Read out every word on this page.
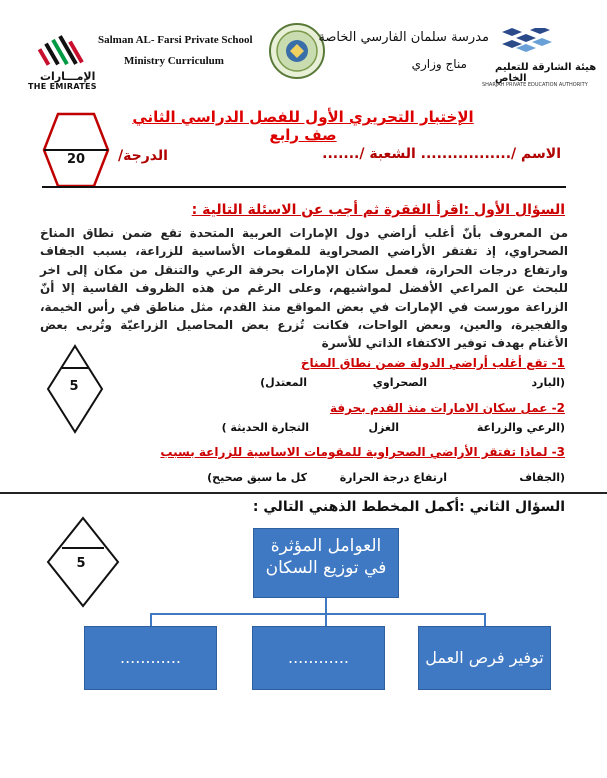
الإمـــارات
THE EMIRATES
Salman AL- Farsi Private School
Ministry Curriculum
مدرسة سلمان الفارسي الخاصة
مناج وزاري	هيئة الشارقة للتعليم الخاص
SHARJAH PRIVATE EDUCATION AUTHORITY
الإختبار التحريري الأول للفصل الدراسي الثاني صف رابع
20	الاسم /................. الشعبة /.......
الدرجة/
السؤال الأول :اقرأ الفقرة ثم أجب عن الاسئلة التالية :
من المعروف بأنّ أغلب أراضي دول الإمارات العربية المتحدة تقع ضمن نطاق المناخ الصحراوي، إذ تفتقر الأراضي الصحراوية للمقومات الأساسية للزراعة، بسبب الجفاف وارتفاع درجات الحرارة، فعمل سكان الإمارات بحرفة الرعي والتنقل من مكان إلى اخر للبحث عن المراعي الأفضل لمواشيهم، وعلى الرغم من هذه الظروف القاسية إلا أنّ الزراعة مورست في الإمارات في بعض المواقع منذ القدم، مثل مناطق في رأس الخيمة، والفجيرة، والعين، وبعض الواحات، فكانت تُزرع بعض المحاصيل الزراعيّة وتُربى بعض الأغنام بهدف توفير الاكتفاء الذاتي للأسرة
5
1- تقع أغلب أراضي الدولة ضمن نطاق المناخ
(البارد
الصحراوي
المعتدل)
2- عمل سكان الامارات منذ القدم بحرفة
(الرعي والزراعة
الغزل
التجارة الحديثة )
3- لماذا تفتقر الأراضي الصحراوية للمقومات الاساسية للزراعة بسبب
(الجفاف
ارتفاع درجة الحرارة
كل ما سبق صحيح)
السؤال الثاني :أكمل المخطط الذهني التالي :
5
العوامل المؤثرة
في توزيع السكان
توفير فرص العمل
............
............
